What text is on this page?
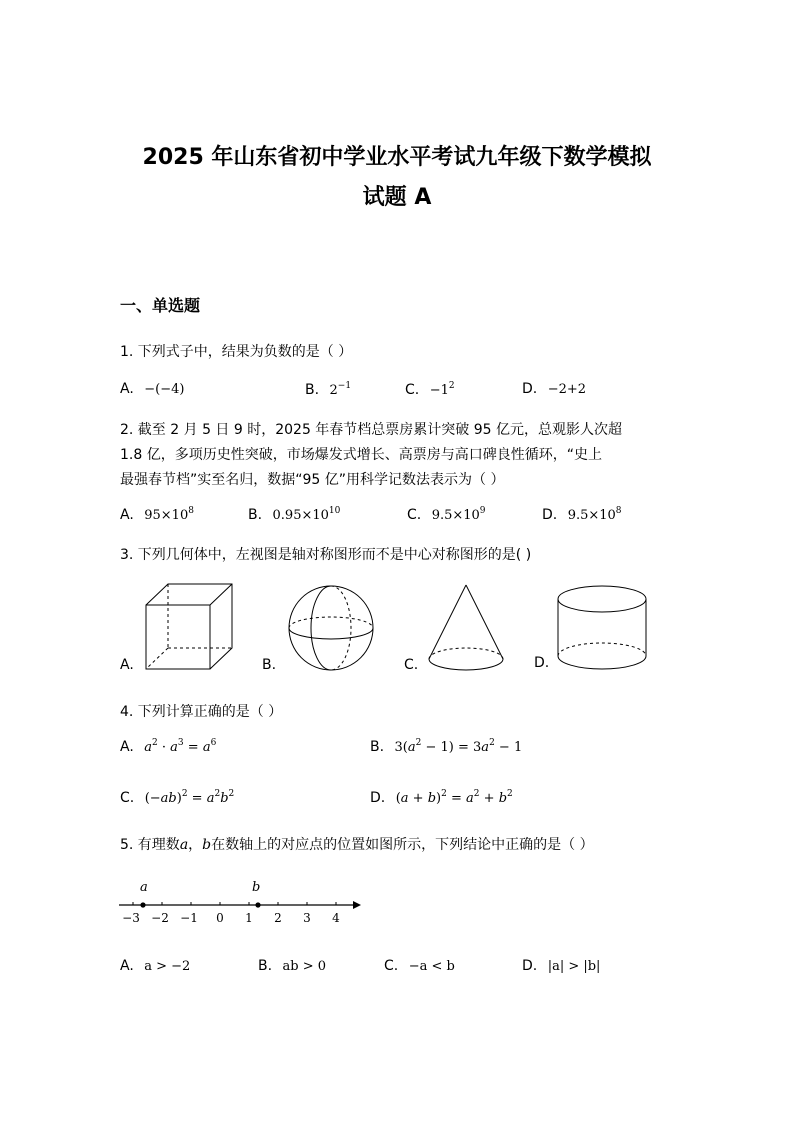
2025 年山东省初中学业水平考试九年级下数学模拟
试题 A
一、单选题
1. 下列式子中，结果为负数的是（ ）
A. −(−4)	B. $2^{-1}$	C. $-1^2$	D. −2+2
2. 截至 2 月 5 日 9 时，2025 年春节档总票房累计突破 95 亿元，总观影人次超
1.8 亿，多项历史性突破，市场爆发式增长、高票房与高口碑良性循环，“史上
最强春节档”实至名归，数据“95 亿”用科学记数法表示为（ ）
A. $95\times 10^8$	B. $0.95\times 10^{10}$	C. $9.5\times 10^9$	D. $9.5\times 10^8$
3. 下列几何体中，左视图是轴对称图形而不是中心对称图形的是( )
A.	B.	C.	D.
4. 下列计算正确的是（ ）
A. $a^2 \cdot a^3 = a^6$	B. $3(a^2 - 1) = 3a^2 - 1$
C. $(-ab)^2 = a^2b^2$	D. $(a + b)^2 = a^2 + b^2$
5. 有理数a，b在数轴上的对应点的位置如图所示，下列结论中正确的是（ ）
a	b
−3 −2 −1 0 1 2 3 4
A. a > −2	B. ab > 0	C. −a < b	D. |a| > |b|
